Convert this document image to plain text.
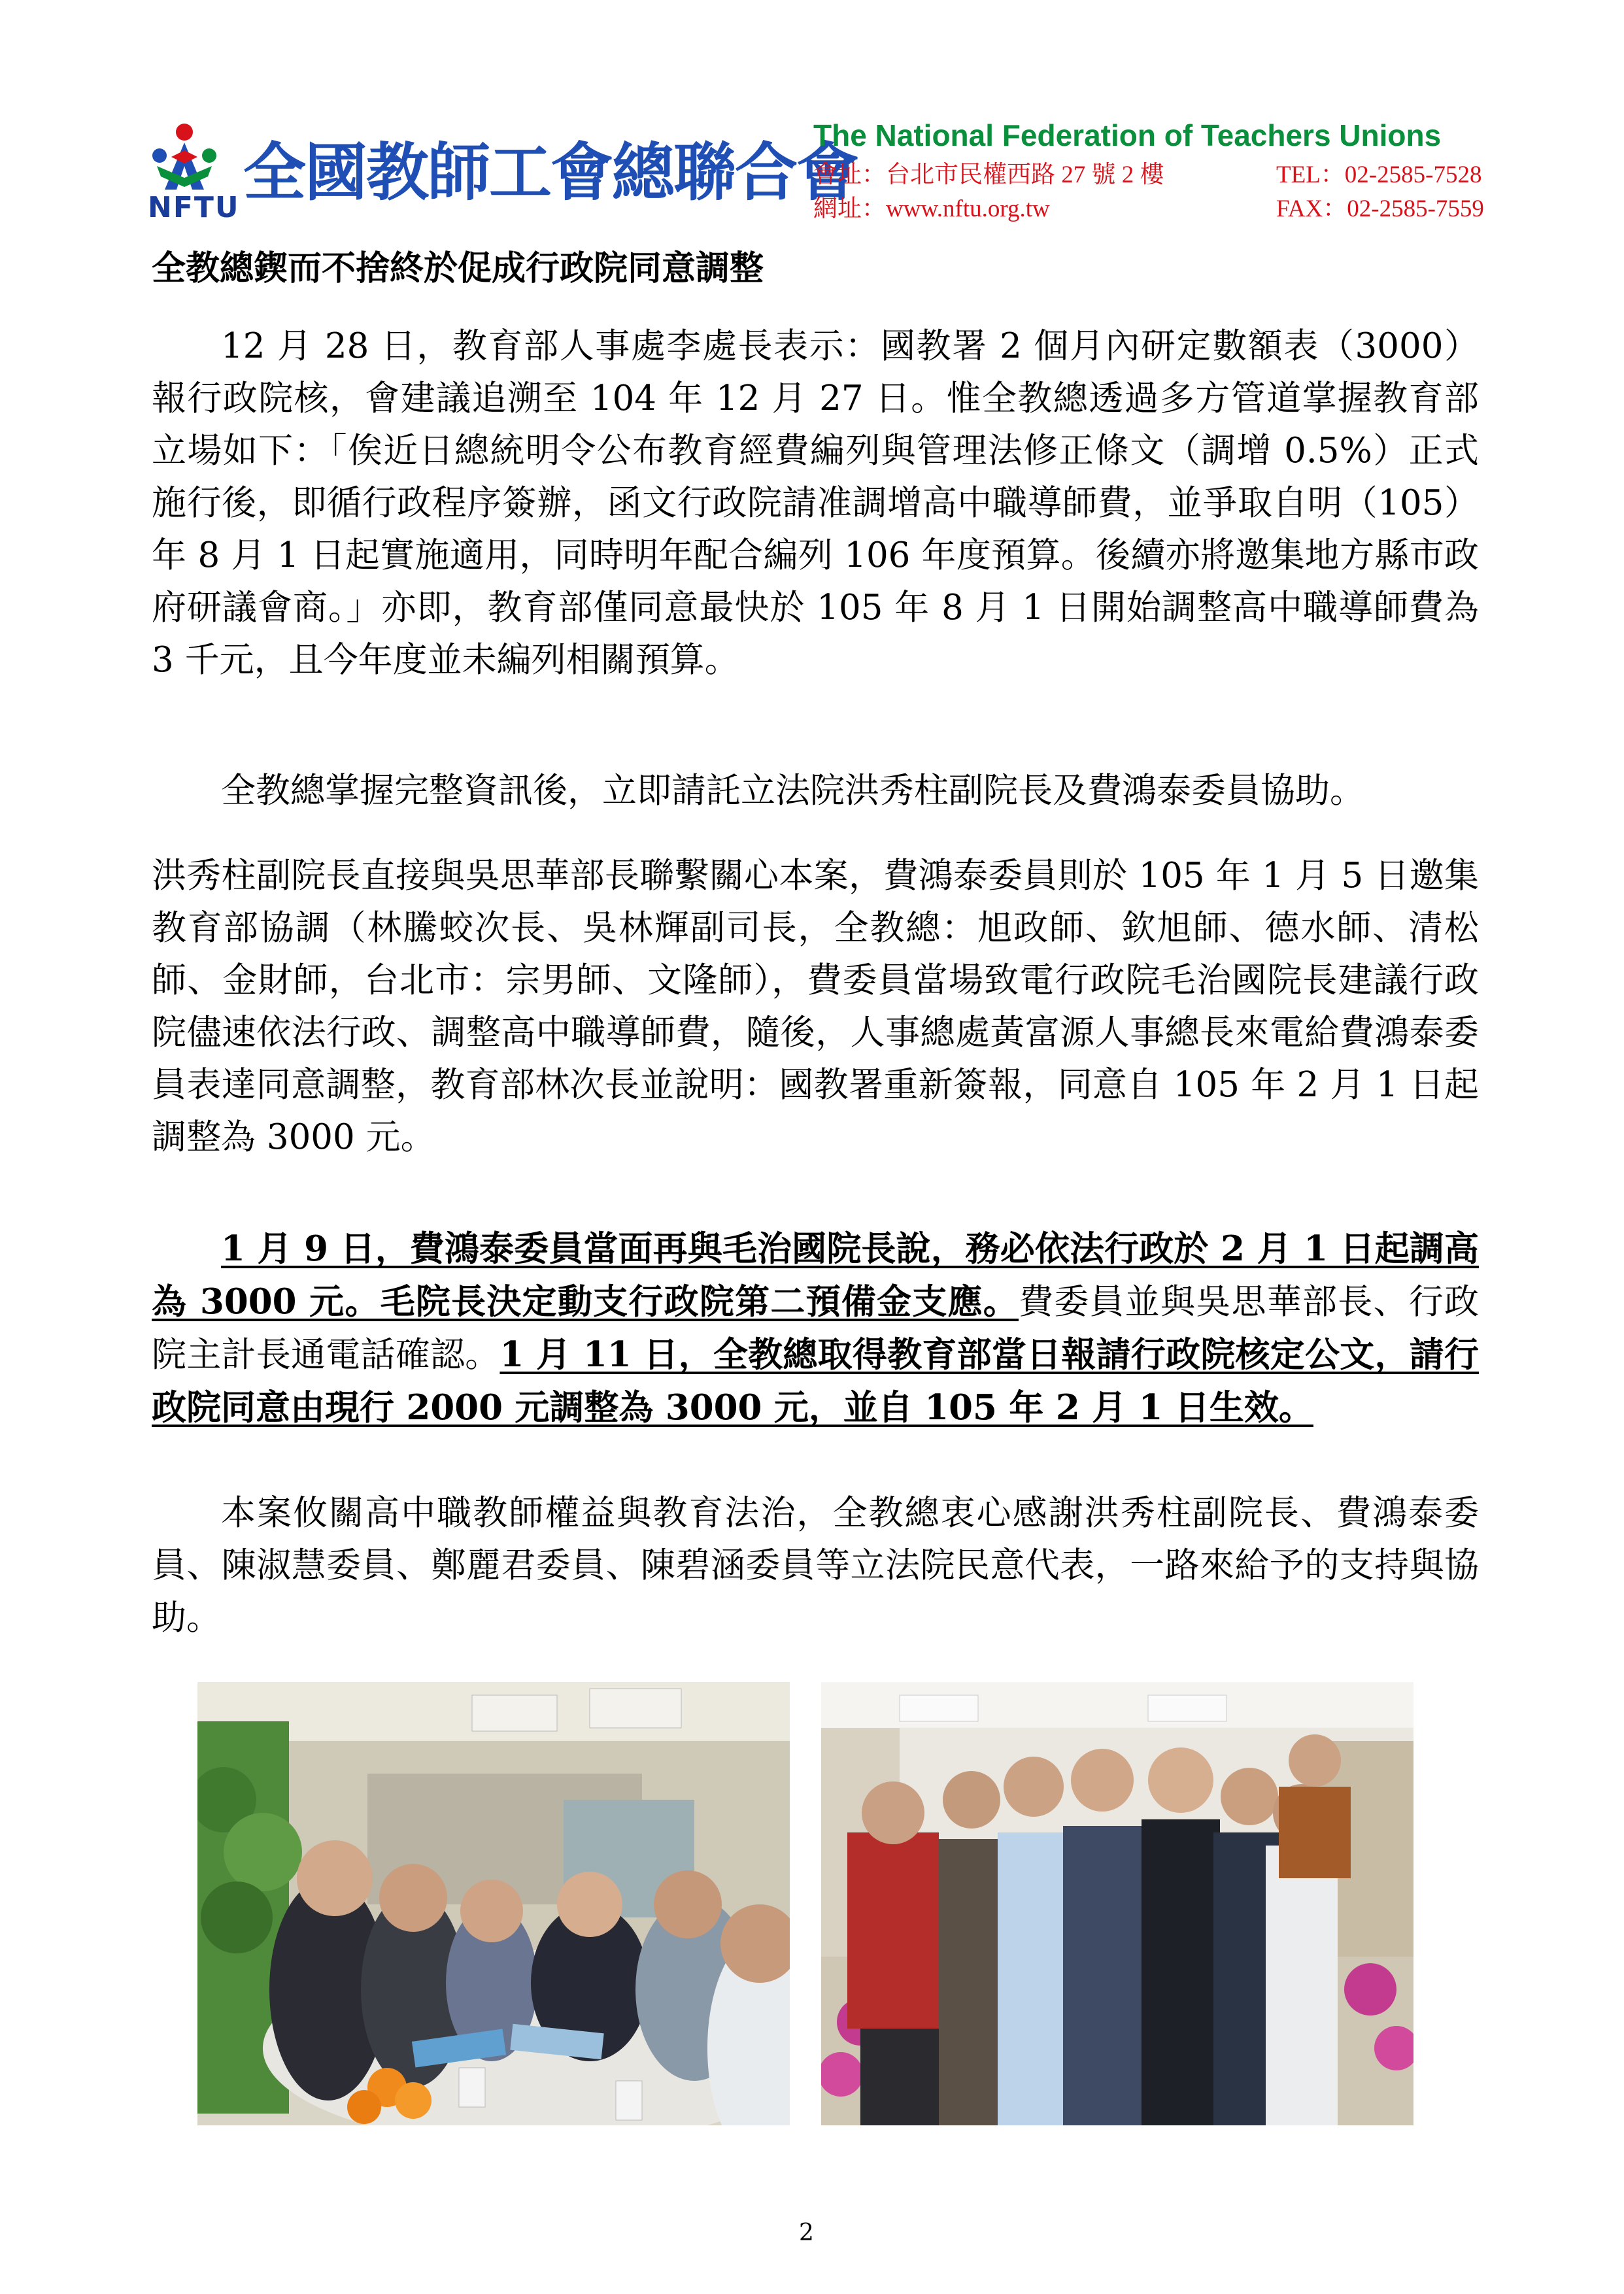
NFTU 全國教師工會總聯合會
The National Federation of Teachers Unions
會址：台北市民權西路 27 號 2 樓	TEL：02-2585-7528
網址：www.nftu.org.tw	FAX：02-2585-7559
全教總鍥而不捨終於促成行政院同意調整

12 月 28 日，教育部人事處李處長表示：國教署 2 個月內研定數額表（3000）報行政院核，會建議追溯至 104 年 12 月 27 日。惟全教總透過多方管道掌握教育部立場如下：「俟近日總統明令公布教育經費編列與管理法修正條文（調增 0.5%）正式施行後，即循行政程序簽辦，函文行政院請准調增高中職導師費，並爭取自明（105）年 8 月 1 日起實施適用，同時明年配合編列 106 年度預算。後續亦將邀集地方縣市政府研議會商。」亦即，教育部僅同意最快於 105 年 8 月 1 日開始調整高中職導師費為 3 千元，且今年度並未編列相關預算。

全教總掌握完整資訊後，立即請託立法院洪秀柱副院長及費鴻泰委員協助。

洪秀柱副院長直接與吳思華部長聯繫關心本案，費鴻泰委員則於 105 年 1 月 5 日邀集教育部協調（林騰蛟次長、吳林輝副司長，全教總：旭政師、欽旭師、德水師、清松師、金財師，台北市：宗男師、文隆師），費委員當場致電行政院毛治國院長建議行政院儘速依法行政、調整高中職導師費，隨後，人事總處黃富源人事總長來電給費鴻泰委員表達同意調整，教育部林次長並說明：國教署重新簽報，同意自 105 年 2 月 1 日起調整為 3000 元。

1 月 9 日，費鴻泰委員當面再與毛治國院長說，務必依法行政於 2 月 1 日起調高為 3000 元。毛院長決定動支行政院第二預備金支應。費委員並與吳思華部長、行政院主計長通電話確認。1 月 11 日，全教總取得教育部當日報請行政院核定公文，請行政院同意由現行 2000 元調整為 3000 元，並自 105 年 2 月 1 日生效。

本案攸關高中職教師權益與教育法治，全教總衷心感謝洪秀柱副院長、費鴻泰委員、陳淑慧委員、鄭麗君委員、陳碧涵委員等立法院民意代表，一路來給予的支持與協助。

2
